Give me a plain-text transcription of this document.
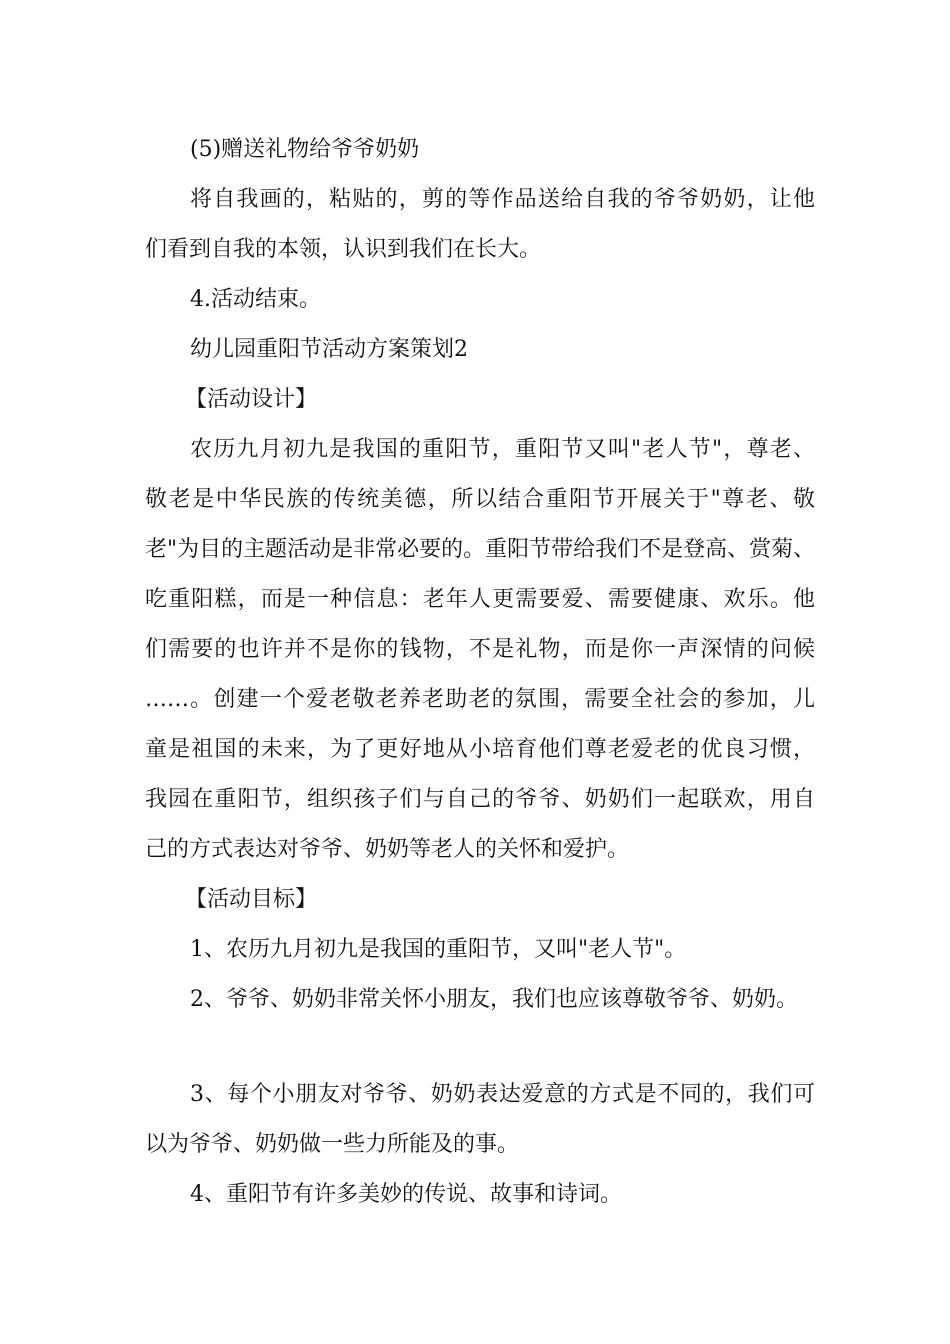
(5)赠送礼物给爷爷奶奶
将自我画的，粘贴的，剪的等作品送给自我的爷爷奶奶，让他
们看到自我的本领，认识到我们在长大。
4.活动结束。
幼儿园重阳节活动方案策划2
【活动设计】
农历九月初九是我国的重阳节，重阳节又叫"老人节"，尊老、
敬老是中华民族的传统美德，所以结合重阳节开展关于"尊老、敬
老"为目的主题活动是非常必要的。重阳节带给我们不是登高、赏菊、
吃重阳糕，而是一种信息：老年人更需要爱、需要健康、欢乐。他
们需要的也许并不是你的钱物，不是礼物，而是你一声深情的问候
……。创建一个爱老敬老养老助老的氛围，需要全社会的参加，儿
童是祖国的未来，为了更好地从小培育他们尊老爱老的优良习惯，
我园在重阳节，组织孩子们与自己的爷爷、奶奶们一起联欢，用自
己的方式表达对爷爷、奶奶等老人的关怀和爱护。
【活动目标】
1、农历九月初九是我国的重阳节，又叫"老人节"。
2、爷爷、奶奶非常关怀小朋友，我们也应该尊敬爷爷、奶奶。
3、每个小朋友对爷爷、奶奶表达爱意的方式是不同的，我们可
以为爷爷、奶奶做一些力所能及的事。
4、重阳节有许多美妙的传说、故事和诗词。
